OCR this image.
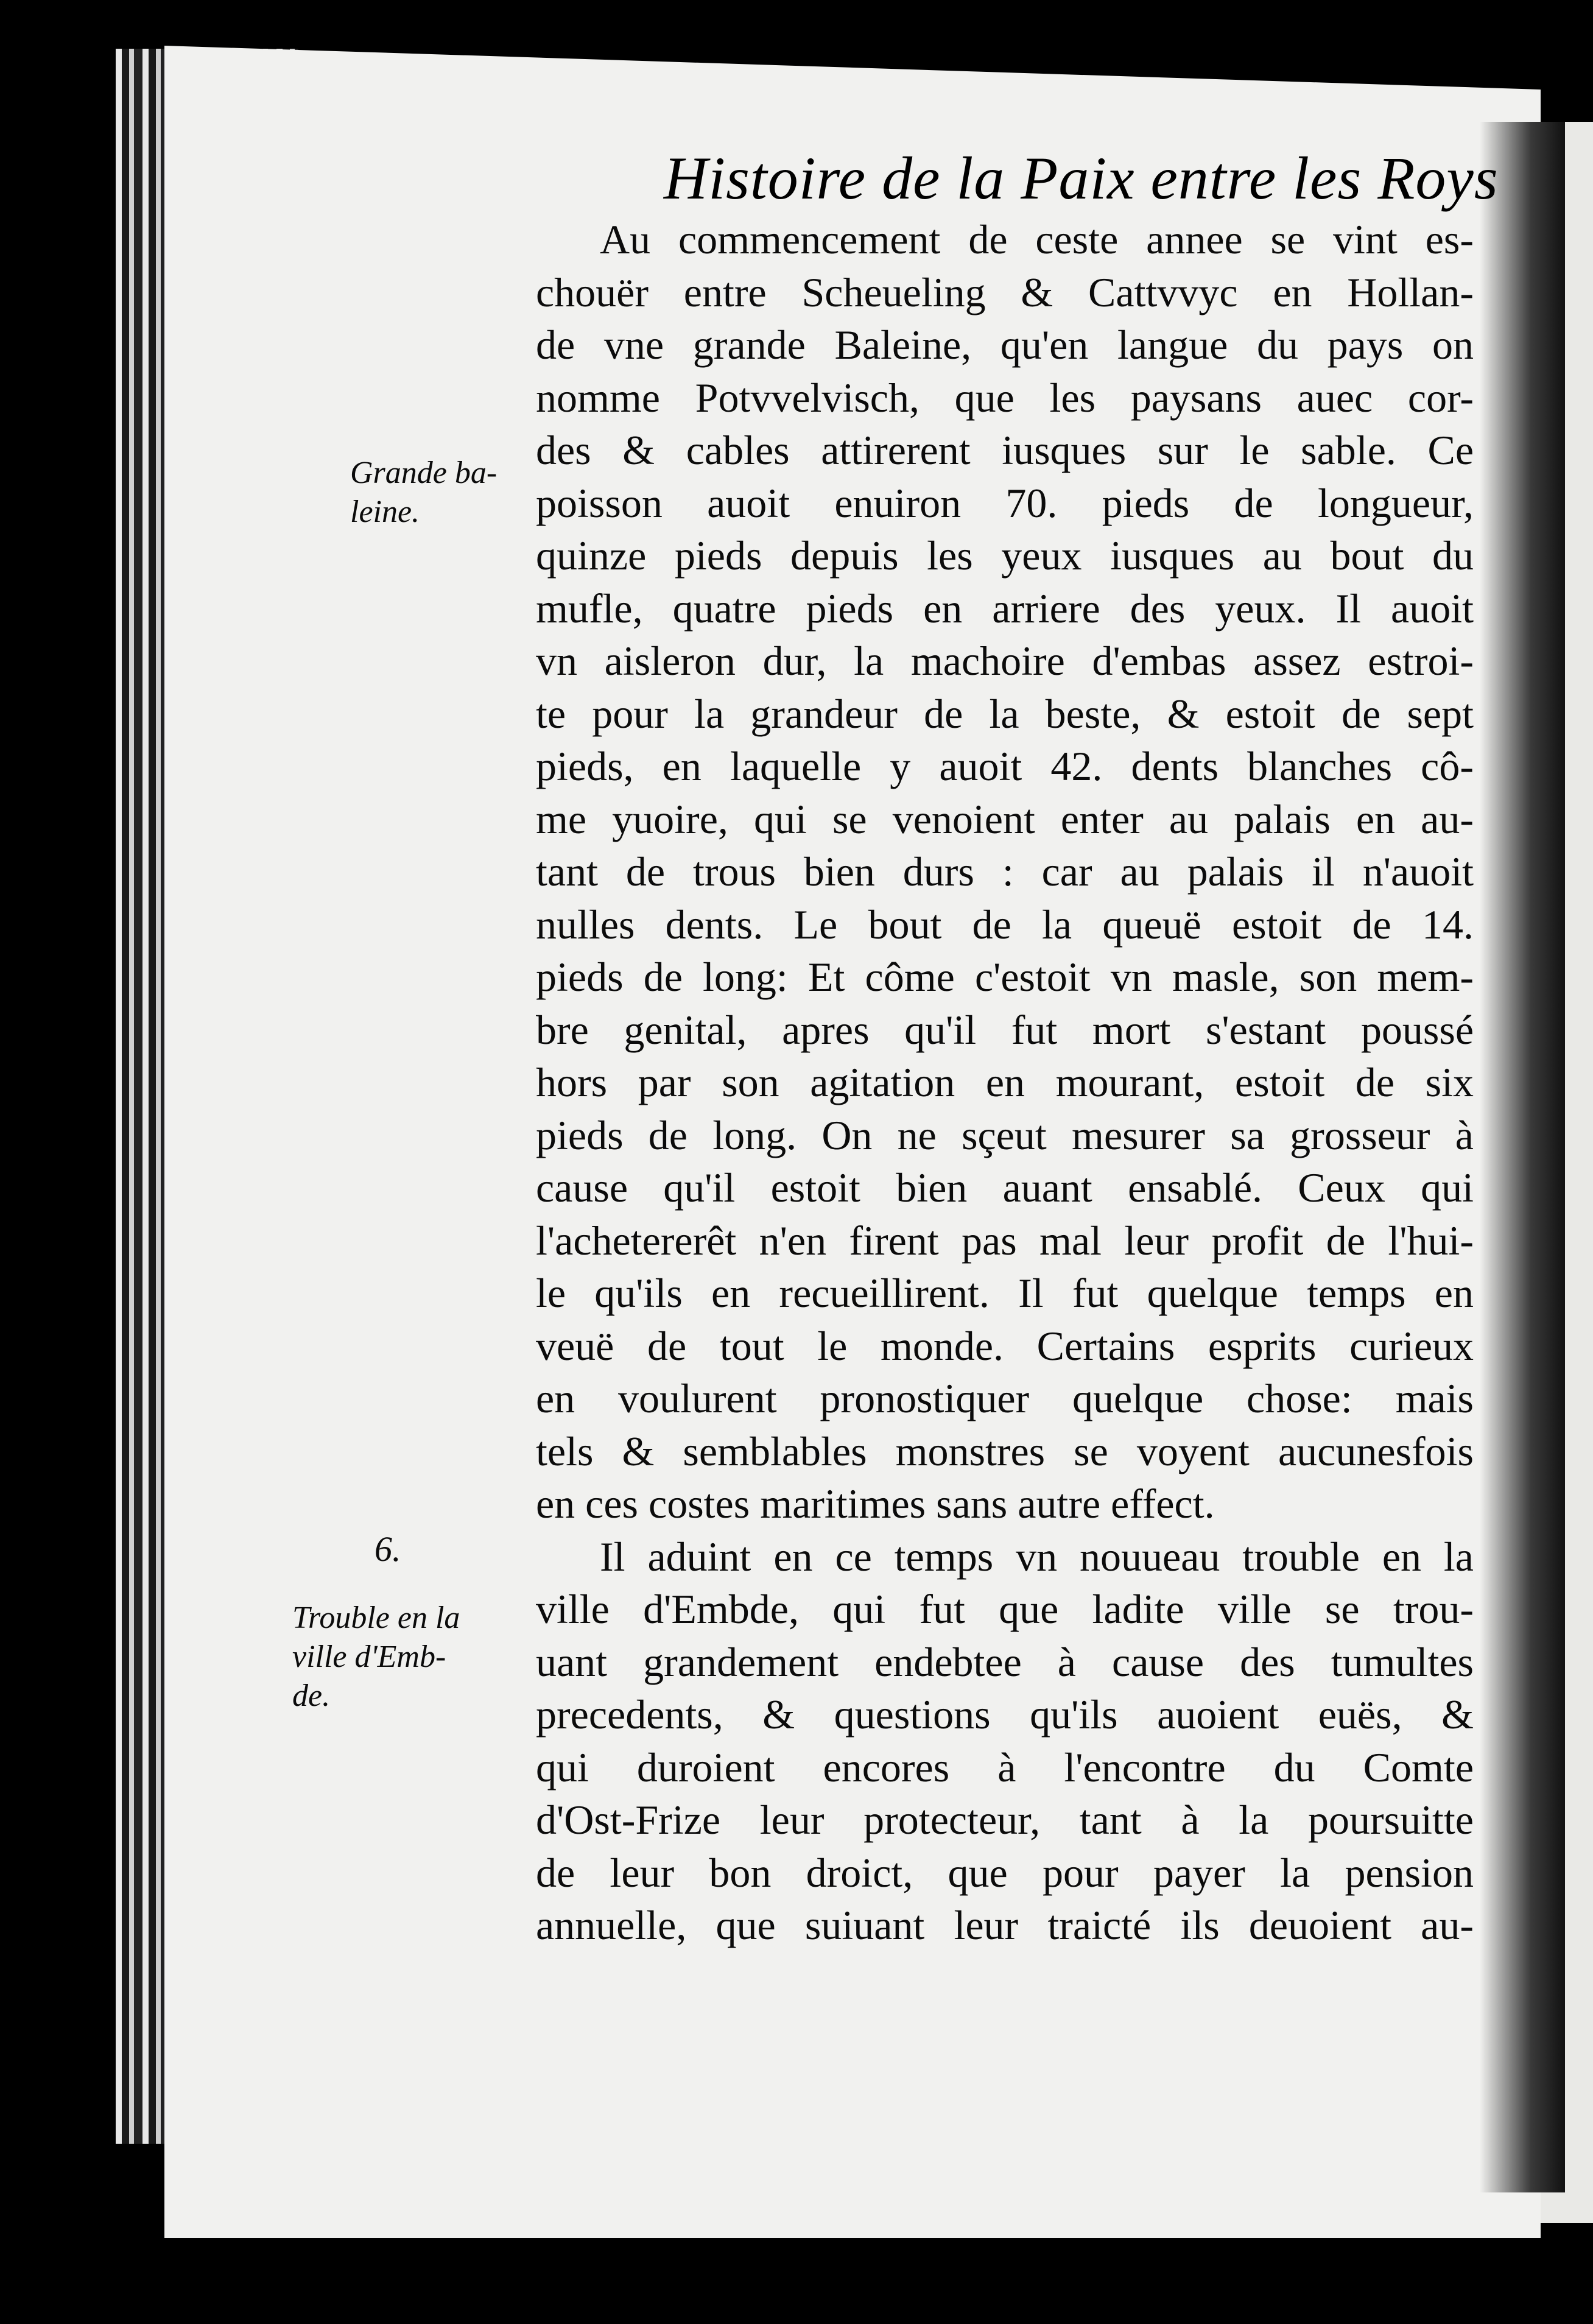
Histoire de la Paix entre les Roys
Grande ba-
leine.
6.
Trouble en la
ville d'Emb-
de.
Au commencement de ceste annee se vint es-
chouër entre Scheueling & Cattvvyc en Hollan-
de vne grande Baleine, qu'en langue du pays on
nomme Potvvelvisch, que les paysans auec cor-
des & cables attirerent iusques sur le sable. Ce
poisson auoit enuiron 70. pieds de longueur,
quinze pieds depuis les yeux iusques au bout du
mufle, quatre pieds en arriere des yeux. Il auoit
vn aisleron dur, la machoire d'embas assez estroi-
te pour la grandeur de la beste, & estoit de sept
pieds, en laquelle y auoit 42. dents blanches cô-
me yuoire, qui se venoient enter au palais en au-
tant de trous bien durs : car au palais il n'auoit
nulles dents. Le bout de la queuë estoit de 14.
pieds de long: Et côme c'estoit vn masle, son mem-
bre genital, apres qu'il fut mort s'estant poussé
hors par son agitation en mourant, estoit de six
pieds de long. On ne sçeut mesurer sa grosseur à
cause qu'il estoit bien auant ensablé. Ceux qui
l'achetererêt n'en firent pas mal leur profit de l'hui-
le qu'ils en recueillirent. Il fut quelque temps en
veuë de tout le monde. Certains esprits curieux
en voulurent pronostiquer quelque chose: mais
tels & semblables monstres se voyent aucunesfois
en ces costes maritimes sans autre effect.
Il aduint en ce temps vn nouueau trouble en la
ville d'Embde, qui fut que ladite ville se trou-
uant grandement endebtee à cause des tumultes
precedents, & questions qu'ils auoient euës, &
qui duroient encores à l'encontre du Comte
d'Ost-Frize leur protecteur, tant à la poursuitte
de leur bon droict, que pour payer la pension
annuelle, que suiuant leur traicté ils deuoient au-
